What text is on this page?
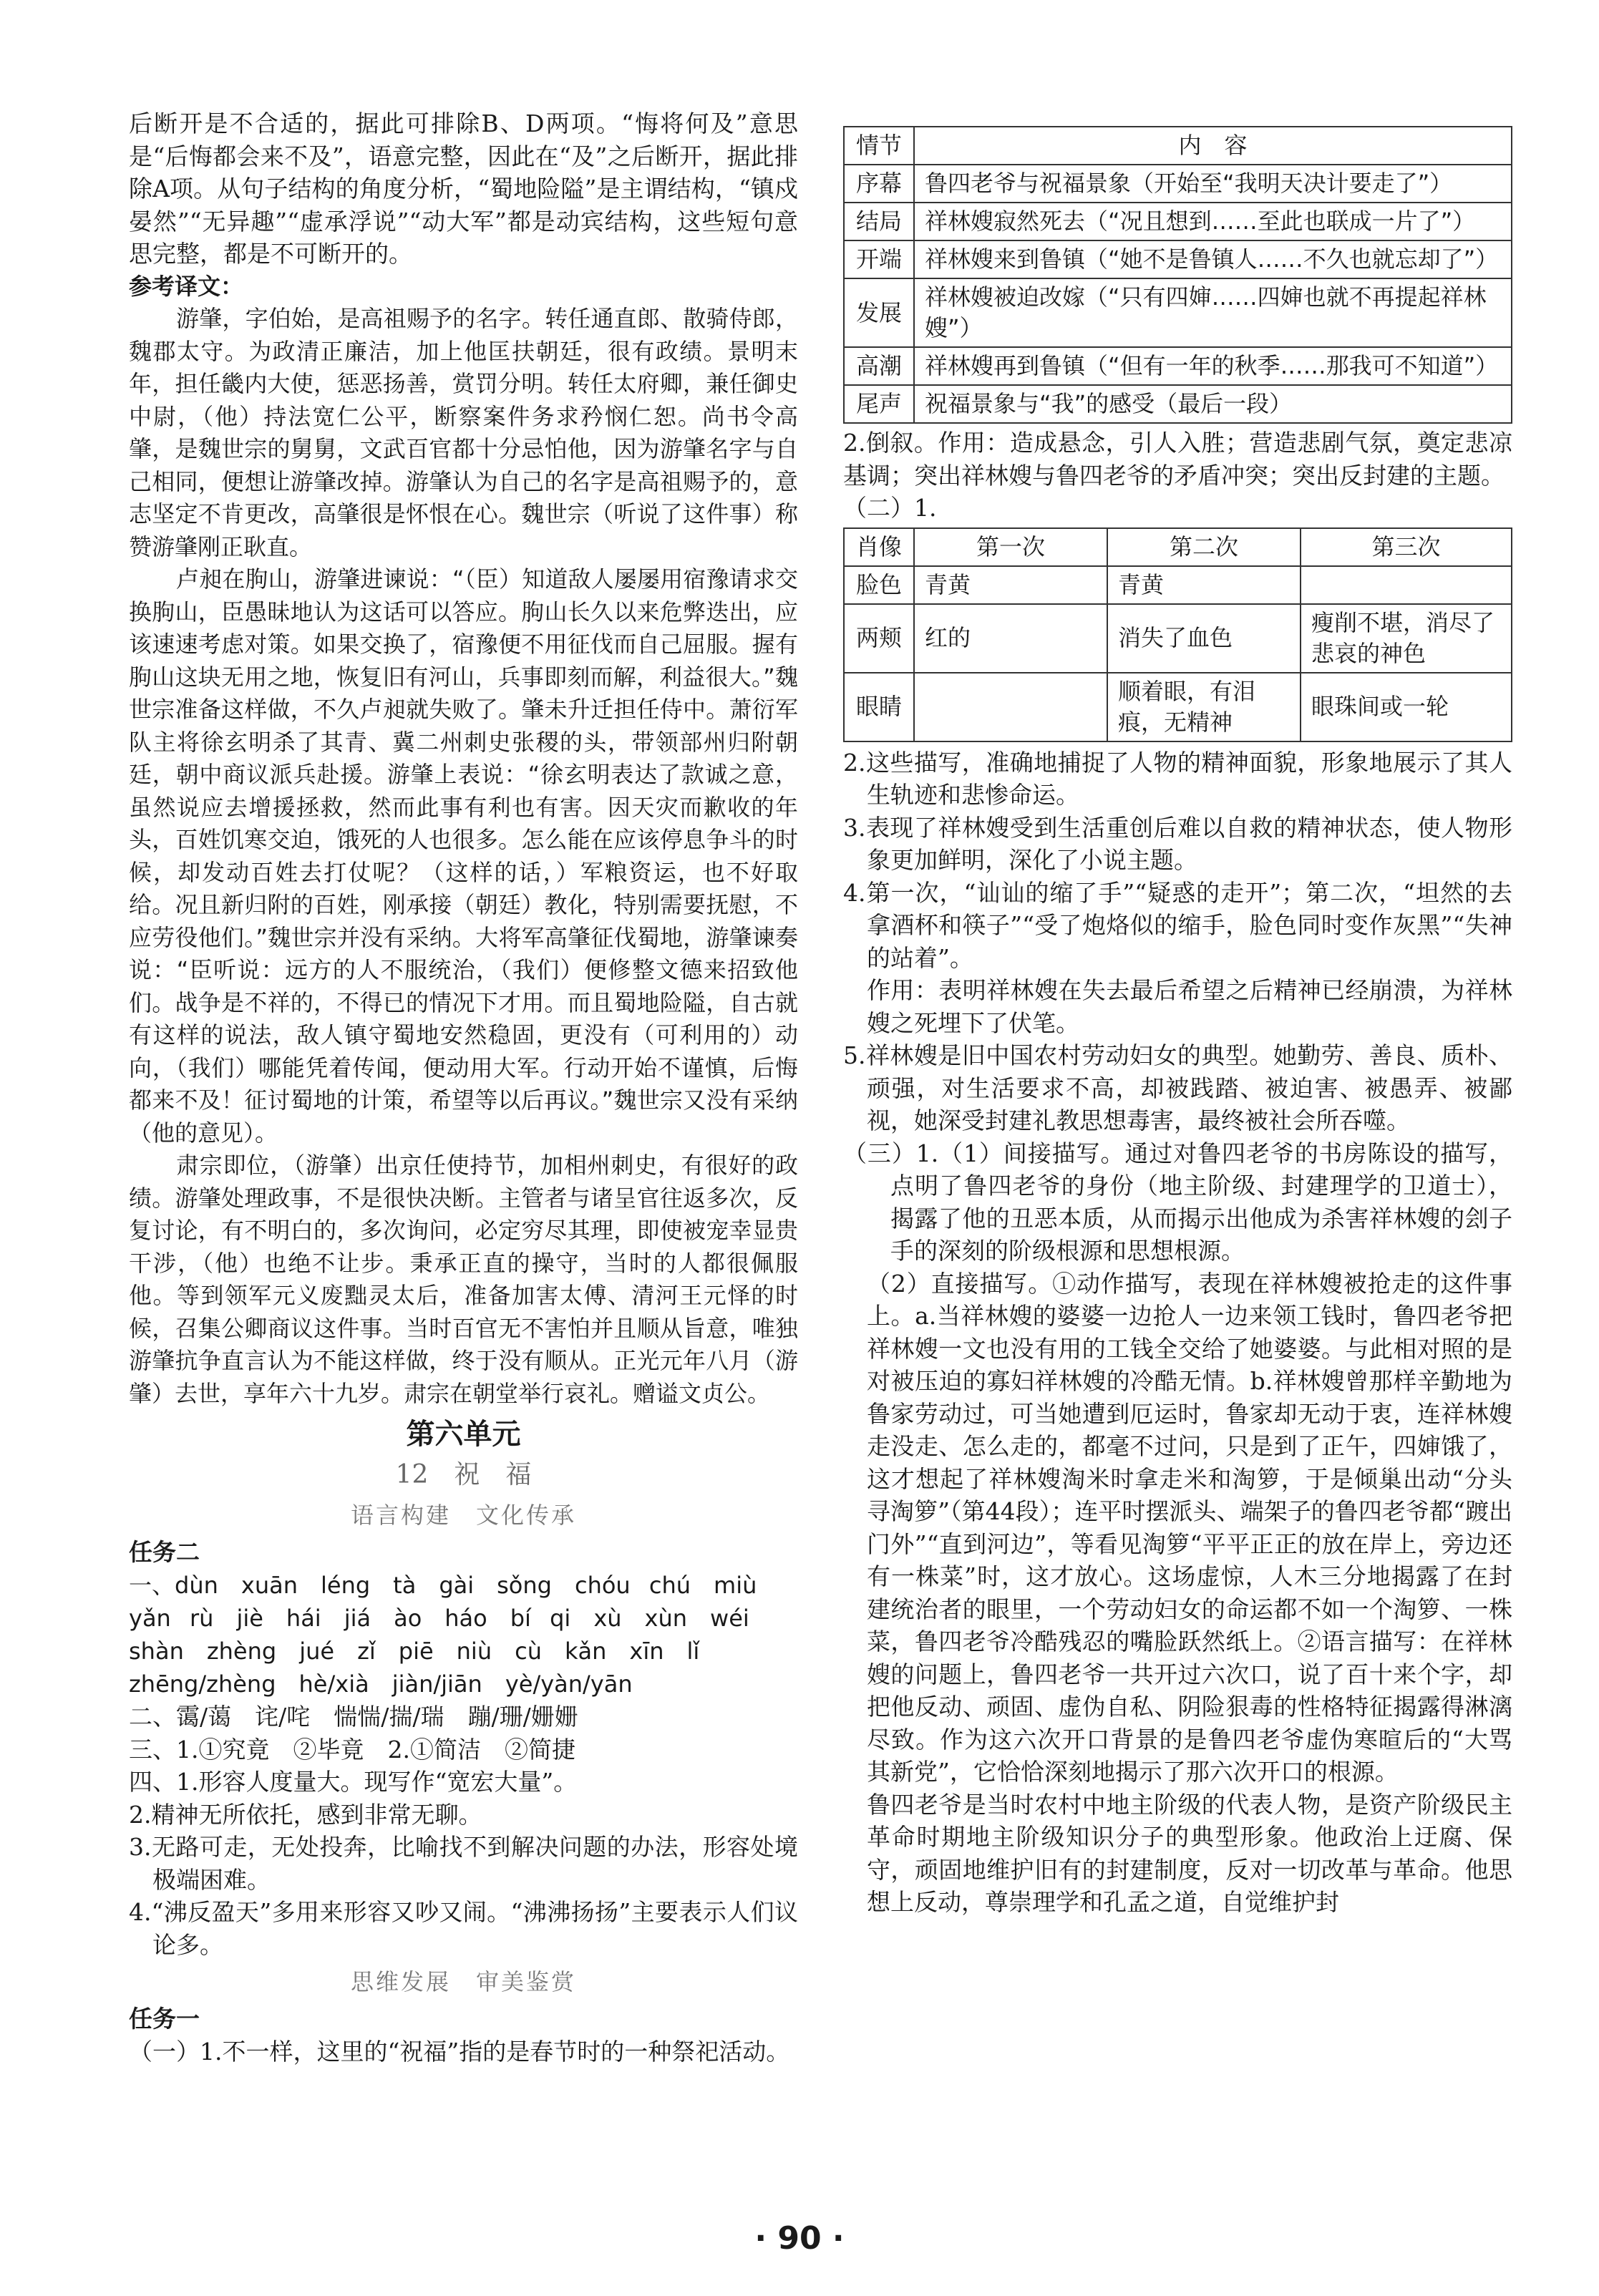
后断开是不合适的，据此可排除B、D两项。“悔将何及”意思是“后悔都会来不及”，语意完整，因此在“及”之后断开，据此排除A项。从句子结构的角度分析，“蜀地险隘”是主谓结构，“镇戍晏然”“无异趣”“虚承浮说”“动大军”都是动宾结构，这些短句意思完整，都是不可断开的。

参考译文：

游肇，字伯始，是高祖赐予的名字。转任通直郎、散骑侍郎，魏郡太守。为政清正廉洁，加上他匡扶朝廷，很有政绩。景明末年，担任畿内大使，惩恶扬善，赏罚分明。转任太府卿，兼任御史中尉，（他）持法宽仁公平，断察案件务求矜悯仁恕。尚书令高肇，是魏世宗的舅舅，文武百官都十分忌怕他，因为游肇名字与自己相同，便想让游肇改掉。游肇认为自己的名字是高祖赐予的，意志坚定不肯更改，高肇很是怀恨在心。魏世宗（听说了这件事）称赞游肇刚正耿直。

卢昶在朐山，游肇进谏说：“（臣）知道敌人屡屡用宿豫请求交换朐山，臣愚昧地认为这话可以答应。朐山长久以来危弊迭出，应该速速考虑对策。如果交换了，宿豫便不用征伐而自己屈服。握有朐山这块无用之地，恢复旧有河山，兵事即刻而解，利益很大。”魏世宗准备这样做，不久卢昶就失败了。肇未升迁担任侍中。萧衍军队主将徐玄明杀了其青、冀二州刺史张稷的头，带领部州归附朝廷，朝中商议派兵赴援。游肇上表说：“徐玄明表达了款诚之意，虽然说应去增援拯救，然而此事有利也有害。因天灾而歉收的年头，百姓饥寒交迫，饿死的人也很多。怎么能在应该停息争斗的时候，却发动百姓去打仗呢？（这样的话，）军粮资运，也不好取给。况且新归附的百姓，刚承接（朝廷）教化，特别需要抚慰，不应劳役他们。”魏世宗并没有采纳。大将军高肇征伐蜀地，游肇谏奏说：“臣听说：远方的人不服统治，（我们）便修整文德来招致他们。战争是不祥的，不得已的情况下才用。而且蜀地险隘，自古就有这样的说法，敌人镇守蜀地安然稳固，更没有（可利用的）动向，（我们）哪能凭着传闻，便动用大军。行动开始不谨慎，后悔都来不及！征讨蜀地的计策，希望等以后再议。”魏世宗又没有采纳（他的意见）。

肃宗即位，（游肇）出京任使持节，加相州刺史，有很好的政绩。游肇处理政事，不是很快决断。主管者与诸呈官往返多次，反复讨论，有不明白的，多次询问，必定穷尽其理，即使被宠幸显贵干涉，（他）也绝不让步。秉承正直的操守，当时的人都很佩服他。等到领军元义废黜灵太后，准备加害太傅、清河王元怿的时候，召集公卿商议这件事。当时百官无不害怕并且顺从旨意，唯独游肇抗争直言认为不能这样做，终于没有顺从。正光元年八月（游肇）去世，享年六十九岁。肃宗在朝堂举行哀礼。赠谥文贞公。

第六单元
12　祝　福
语言构建　文化传承

任务二

一、dùn　xuān　léng　tà　gài　sǒng　chóu chú　miù

yǎn rù　jiè　hái　jiá　ào　háo　bí qi　xù　xùn　wéi

shàn　zhèng　jué　zǐ　piē　niù　cù　kǎn　xīn　lǐ

zhēng/zhèng　hè/xià　jiàn/jiān　yè/yàn/yān

二、霭/蔼　诧/咤　惴惴/揣/瑞　蹦/珊/姗姗

三、1.①究竟　②毕竟　2.①简洁　②简捷

四、1.形容人度量大。现写作“宽宏大量”。

2.精神无所依托，感到非常无聊。

3.无路可走，无处投奔，比喻找不到解决问题的办法，形容处境极端困难。

4.“沸反盈天”多用来形容又吵又闹。“沸沸扬扬”主要表示人们议论多。

思维发展　审美鉴赏

任务一

（一）1.不一样，这里的“祝福”指的是春节时的一种祭祀活动。

情节	内　容
序幕	鲁四老爷与祝福景象（开始至“我明天决计要走了”）
结局	祥林嫂寂然死去（“况且想到……至此也联成一片了”）
开端	祥林嫂来到鲁镇（“她不是鲁镇人……不久也就忘却了”）
发展	祥林嫂被迫改嫁（“只有四婶……四婶也就不再提起祥林嫂”）
高潮	祥林嫂再到鲁镇（“但有一年的秋季……那我可不知道”）
尾声	祝福景象与“我”的感受（最后一段）

2.倒叙。作用：造成悬念，引人入胜；营造悲剧气氛，奠定悲凉基调；突出祥林嫂与鲁四老爷的矛盾冲突；突出反封建的主题。

（二）1.

肖像	第一次	第二次	第三次
脸色	青黄	青黄	
两颊	红的	消失了血色	瘦削不堪，消尽了悲哀的神色
眼睛		顺着眼，有泪痕，无精神	眼珠间或一轮

2.这些描写，准确地捕捉了人物的精神面貌，形象地展示了其人生轨迹和悲惨命运。

3.表现了祥林嫂受到生活重创后难以自救的精神状态，使人物形象更加鲜明，深化了小说主题。

4.第一次，“讪讪的缩了手”“疑惑的走开”；第二次，“坦然的去拿酒杯和筷子”“受了炮烙似的缩手，脸色同时变作灰黑”“失神的站着”。

作用：表明祥林嫂在失去最后希望之后精神已经崩溃，为祥林嫂之死埋下了伏笔。

5.祥林嫂是旧中国农村劳动妇女的典型。她勤劳、善良、质朴、顽强，对生活要求不高，却被践踏、被迫害、被愚弄、被鄙视，她深受封建礼教思想毒害，最终被社会所吞噬。

（三）1.（1）间接描写。通过对鲁四老爷的书房陈设的描写，点明了鲁四老爷的身份（地主阶级、封建理学的卫道士），揭露了他的丑恶本质，从而揭示出他成为杀害祥林嫂的刽子手的深刻的阶级根源和思想根源。

（2）直接描写。①动作描写，表现在祥林嫂被抢走的这件事上。a.当祥林嫂的婆婆一边抢人一边来领工钱时，鲁四老爷把祥林嫂一文也没有用的工钱全交给了她婆婆。与此相对照的是对被压迫的寡妇祥林嫂的冷酷无情。b.祥林嫂曾那样辛勤地为鲁家劳动过，可当她遭到厄运时，鲁家却无动于衷，连祥林嫂走没走、怎么走的，都毫不过问，只是到了正午，四婶饿了，这才想起了祥林嫂淘米时拿走米和淘箩，于是倾巢出动“分头寻淘箩”（第44段）；连平时摆派头、端架子的鲁四老爷都“踱出门外”“直到河边”，等看见淘箩“平平正正的放在岸上，旁边还有一株菜”时，这才放心。这场虚惊，人木三分地揭露了在封建统治者的眼里，一个劳动妇女的命运都不如一个淘箩、一株菜，鲁四老爷冷酷残忍的嘴脸跃然纸上。②语言描写：在祥林嫂的问题上，鲁四老爷一共开过六次口，说了百十来个字，却把他反动、顽固、虚伪自私、阴险狠毒的性格特征揭露得淋漓尽致。作为这六次开口背景的是鲁四老爷虚伪寒暄后的“大骂其新党”，它恰恰深刻地揭示了那六次开口的根源。

鲁四老爷是当时农村中地主阶级的代表人物，是资产阶级民主革命时期地主阶级知识分子的典型形象。他政治上迂腐、保守，顽固地维护旧有的封建制度，反对一切改革与革命。他思想上反动，尊崇理学和孔孟之道，自觉维护封

· 90 ·
